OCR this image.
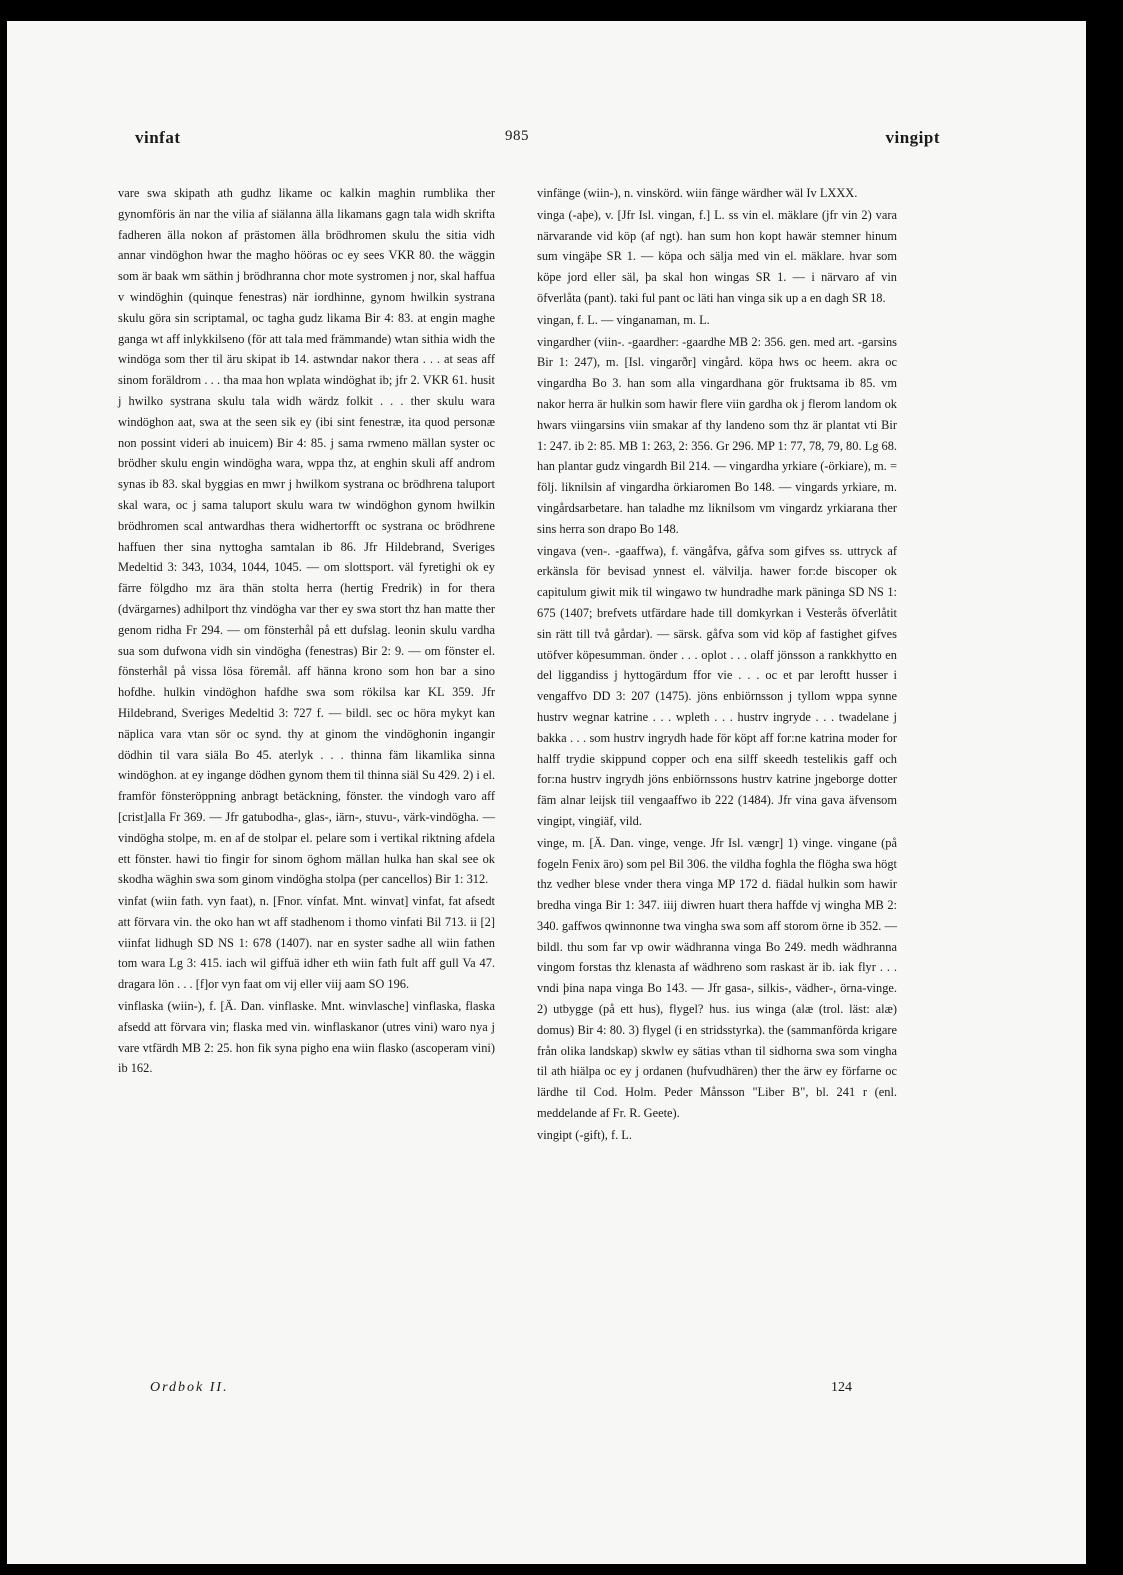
vinfat	985	vingipt

vare swa skipath ath gudhz likame oc kalkin maghin rumblika ther gynomföris än nar the vilia af siälanna älla likamans gagn tala widh skrifta fadheren älla nokon af prästomen älla brödhromen skulu the sitia vidh annar vindöghon hwar the magho hööras oc ey sees VKR 80. the wäggin som är baak wm säthin j brödhranna chor mote systromen j nor, skal haffua v windöghin (quinque fenestras) när iordhinne, gynom hwilkin systrana skulu göra sin scriptamal, oc tagha gudz likama Bir 4: 83. at engin maghe ganga wt aff inlykkilseno (för att tala med främmande) wtan sithia widh the windöga som ther til äru skipat ib 14. astwndar nakor thera . . . at seas aff sinom foräldrom . . . tha maa hon wplata windöghat ib; jfr 2. VKR 61. husit j hwilko systrana skulu tala widh wärdz folkit . . . ther skulu wara windöghon aat, swa at the seen sik ey (ibi sint fenestræ, ita quod personæ non possint videri ab inuicem) Bir 4: 85. j sama rwmeno mällan syster oc brödher skulu engin windögha wara, wppa thz, at enghin skuli aff androm synas ib 83. skal byggias en mwr j hwilkom systrana oc brödhrena taluport skal wara, oc j sama taluport skulu wara tw windöghon gynom hwilkin brödhromen scal antwardhas thera widhertorfft oc systrana oc brödhrene haffuen ther sina nyttogha samtalan ib 86. Jfr Hildebrand, Sveriges Medeltid 3: 343, 1034, 1044, 1045. — om slottsport. väl fyretighi ok ey färre fölgdho mz ära thän stolta herra (hertig Fredrik) in for thera (dvärgarnes) adhilport thz vindögha var ther ey swa stort thz han matte ther genom ridha Fr 294. — om fönsterhål på ett dufslag. leonin skulu vardha sua som dufwona vidh sin vindögha (fenestras) Bir 2: 9. — om fönster el. fönsterhål på vissa lösa föremål. aff hänna krono som hon bar a sino hofdhe. hulkin vindöghon hafdhe swa som rökilsa kar KL 359. Jfr Hildebrand, Sveriges Medeltid 3: 727 f. — bildl. sec oc höra mykyt kan näplica vara vtan sör oc synd. thy at ginom the vindöghonin ingangir dödhin til vara siäla Bo 45. aterlyk . . . thinna fäm likamlika sinna windöghon. at ey ingange dödhen gynom them til thinna siäl Su 429. 2) i el. framför fönsteröppning anbragt betäckning, fönster. the vindogh varo aff [crist]alla Fr 369. — Jfr gatubodha-, glas-, iärn-, stuvu-, värk-vindögha. — vindögha stolpe, m. en af de stolpar el. pelare som i vertikal riktning afdela ett fönster. hawi tio fingir for sinom öghom mällan hulka han skal see ok skodha wäghin swa som ginom vindögha stolpa (per cancellos) Bir 1: 312.

vinfat (wiin fath. vyn faat), n. [Fnor. vínfat. Mnt. winvat] vinfat, fat afsedt att förvara vin. the oko han wt aff stadhenom i thomo vinfati Bil 713. ii [2] viinfat lidhugh SD NS 1: 678 (1407). nar en syster sadhe all wiin fathen tom wara Lg 3: 415. iach wil giffuä idher eth wiin fath fult aff gull Va 47. dragara lön . . . [f]or vyn faat om vij eller viij aam SO 196.

vinflaska (wiin-), f. [Ä. Dan. vinflaske. Mnt. winvlasche] vinflaska, flaska afsedd att förvara vin; flaska med vin. winflaskanor (utres vini) waro nya j vare vtfärdh MB 2: 25. hon fik syna pigho ena wiin flasko (ascoperam vini) ib 162.

vinfänge (wiin-), n. vinskörd. wiin fänge wärdher wäl Iv LXXX.

vinga (-aþe), v. [Jfr Isl. vingan, f.] L. ss vin el. mäklare (jfr vin 2) vara närvarande vid köp (af ngt). han sum hon kopt hawär stemner hinum sum vingäþe SR 1. — köpa och sälja med vin el. mäklare. hvar som köpe jord eller säl, þa skal hon wingas SR 1. — i närvaro af vin öfverlåta (pant). taki ful pant oc läti han vinga sik up a en dagh SR 18.

vingan, f. L. — vinganaman, m. L.

vingardher (viin-. -gaardher: -gaardhe MB 2: 356. gen. med art. -garsins Bir 1: 247), m. [Isl. vingarðr] vingård. köpa hws oc heem. akra oc vingardha Bo 3. han som alla vingardhana gör fruktsama ib 85. vm nakor herra är hulkin som hawir flere viin gardha ok j flerom landom ok hwars viingarsins viin smakar af thy landeno som thz är plantat vti Bir 1: 247. ib 2: 85. MB 1: 263, 2: 356. Gr 296. MP 1: 77, 78, 79, 80. Lg 68. han plantar gudz vingardh Bil 214. — vingardha yrkiare (-örkiare), m. = följ. liknilsin af vingardha örkiaromen Bo 148. — vingards yrkiare, m. vingårdsarbetare. han taladhe mz liknilsom vm vingardz yrkiarana ther sins herra son drapo Bo 148.

vingava (ven-. -gaaffwa), f. vängåfva, gåfva som gifves ss. uttryck af erkänsla för bevisad ynnest el. välvilja. hawer for:de biscoper ok capitulum giwit mik til wingawo tw hundradhe mark päninga SD NS 1: 675 (1407; brefvets utfärdare hade till domkyrkan i Vesterås öfverlåtit sin rätt till två gårdar). — särsk. gåfva som vid köp af fastighet gifves utöfver köpesumman. önder . . . oplot . . . olaff jönsson a rankkhytto en del liggandiss j hyttogärdum ffor vie . . . oc et par leroftt husser i vengaffvo DD 3: 207 (1475). jöns enbiörnsson j tyllom wppa synne hustrv wegnar katrine . . . wpleth . . . hustrv ingryde . . . twadelane j bakka . . . som hustrv ingrydh hade för köpt aff for:ne katrina moder for halff trydie skippund copper och ena silff skeedh testelikis gaff och for:na hustrv ingrydh jöns enbiörnssons hustrv katrine jngeborge dotter fäm alnar leijsk tiil vengaaffwo ib 222 (1484). Jfr vina gava äfvensom vingipt, vingiäf, vild.

vinge, m. [Ä. Dan. vinge, venge. Jfr Isl. vængr] 1) vinge. vingane (på fogeln Fenix äro) som pel Bil 306. the vildha foghla the flögha swa högt thz vedher blese vnder thera vinga MP 172 d. fiädal hulkin som hawir bredha vinga Bir 1: 347. iiij diwren huart thera haffde vj wingha MB 2: 340. gaffwos qwinnonne twa vingha swa som aff storom örne ib 352. — bildl. thu som far vp owir wädhranna vinga Bo 249. medh wädhranna vingom forstas thz klenasta af wädhreno som raskast är ib. iak flyr . . . vndi þina napa vinga Bo 143. — Jfr gasa-, silkis-, vädher-, örna-vinge. 2) utbygge (på ett hus), flygel? hus. ius winga (alæ (trol. läst: alæ) domus) Bir 4: 80. 3) flygel (i en stridsstyrka). the (sammanförda krigare från olika landskap) skwlw ey sätias vthan til sidhorna swa som vingha til ath hiälpa oc ey j ordanen (hufvudhären) ther the ärw ey förfarne oc lärdhe til Cod. Holm. Peder Månsson "Liber B", bl. 241 r (enl. meddelande af Fr. R. Geete).

vingipt (-gift), f. L.

Ordbok II.	124
